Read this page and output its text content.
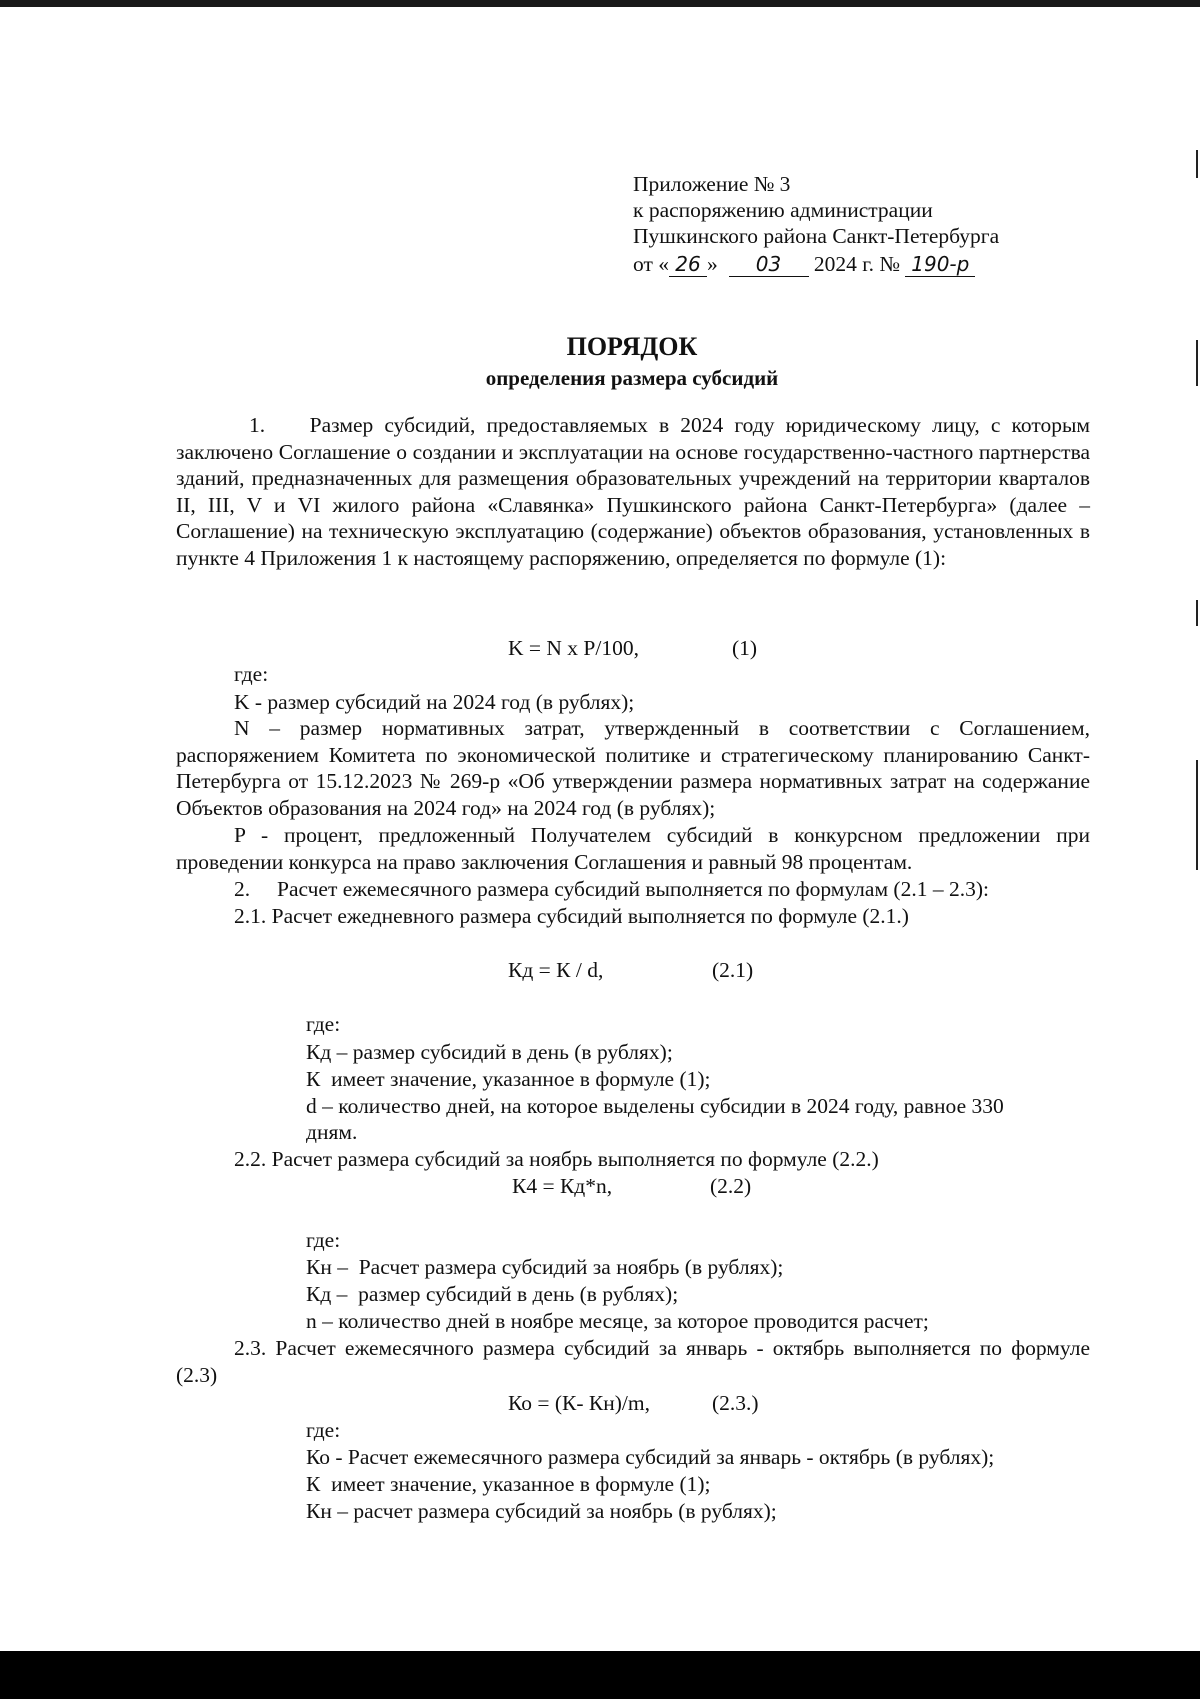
Приложение № 3
к распоряжению администрации
Пушкинского района Санкт-Петербурга
от « 26 » 03 2024 г. № 190-р
ПОРЯДОК
определения размера субсидий
1.    Размер субсидий, предоставляемых в 2024 году юридическому лицу, с которым заключено Соглашение о создании и эксплуатации на основе государственно-частного партнерства зданий, предназначенных для размещения образовательных учреждений на территории кварталов II, III, V и VI жилого района «Славянка» Пушкинского района Санкт-Петербурга» (далее – Соглашение) на техническую эксплуатацию (содержание) объектов образования, установленных в пункте 4 Приложения 1 к настоящему распоряжению, определяется по формуле (1):
K = N x P/100,	(1)
где:
K - размер субсидий на 2024 год (в рублях);
N – размер нормативных затрат, утвержденный в соответствии с Соглашением, распоряжением Комитета по экономической политике и стратегическому планированию Санкт-Петербурга от 15.12.2023 № 269-р «Об утверждении размера нормативных затрат на содержание Объектов образования на 2024 год» на 2024 год (в рублях);
P - процент, предложенный Получателем субсидий в конкурсном предложении при проведении конкурса на право заключения Соглашения и равный 98 процентам.
2.     Расчет ежемесячного размера субсидий выполняется по формулам (2.1 – 2.3):
2.1. Расчет ежедневного размера субсидий выполняется по формуле (2.1.)
Кд = К / d,	(2.1)
где:
Кд – размер субсидий в день (в рублях);
К  имеет значение, указанное в формуле (1);
d – количество дней, на которое выделены субсидии в 2024 году, равное 330
дням.
2.2. Расчет размера субсидий за ноябрь выполняется по формуле (2.2.)
К4 = Кд*n,	(2.2)
где:
Кн –  Расчет размера субсидий за ноябрь (в рублях);
Кд –  размер субсидий в день (в рублях);
n – количество дней в ноябре месяце, за которое проводится расчет;
2.3. Расчет ежемесячного размера субсидий за январь - октябрь выполняется по формуле (2.3)
Ко = (К- Кн)/m,	(2.3.)
где:
Ко - Расчет ежемесячного размера субсидий за январь - октябрь (в рублях);
К  имеет значение, указанное в формуле (1);
Кн – расчет размера субсидий за ноябрь (в рублях);
